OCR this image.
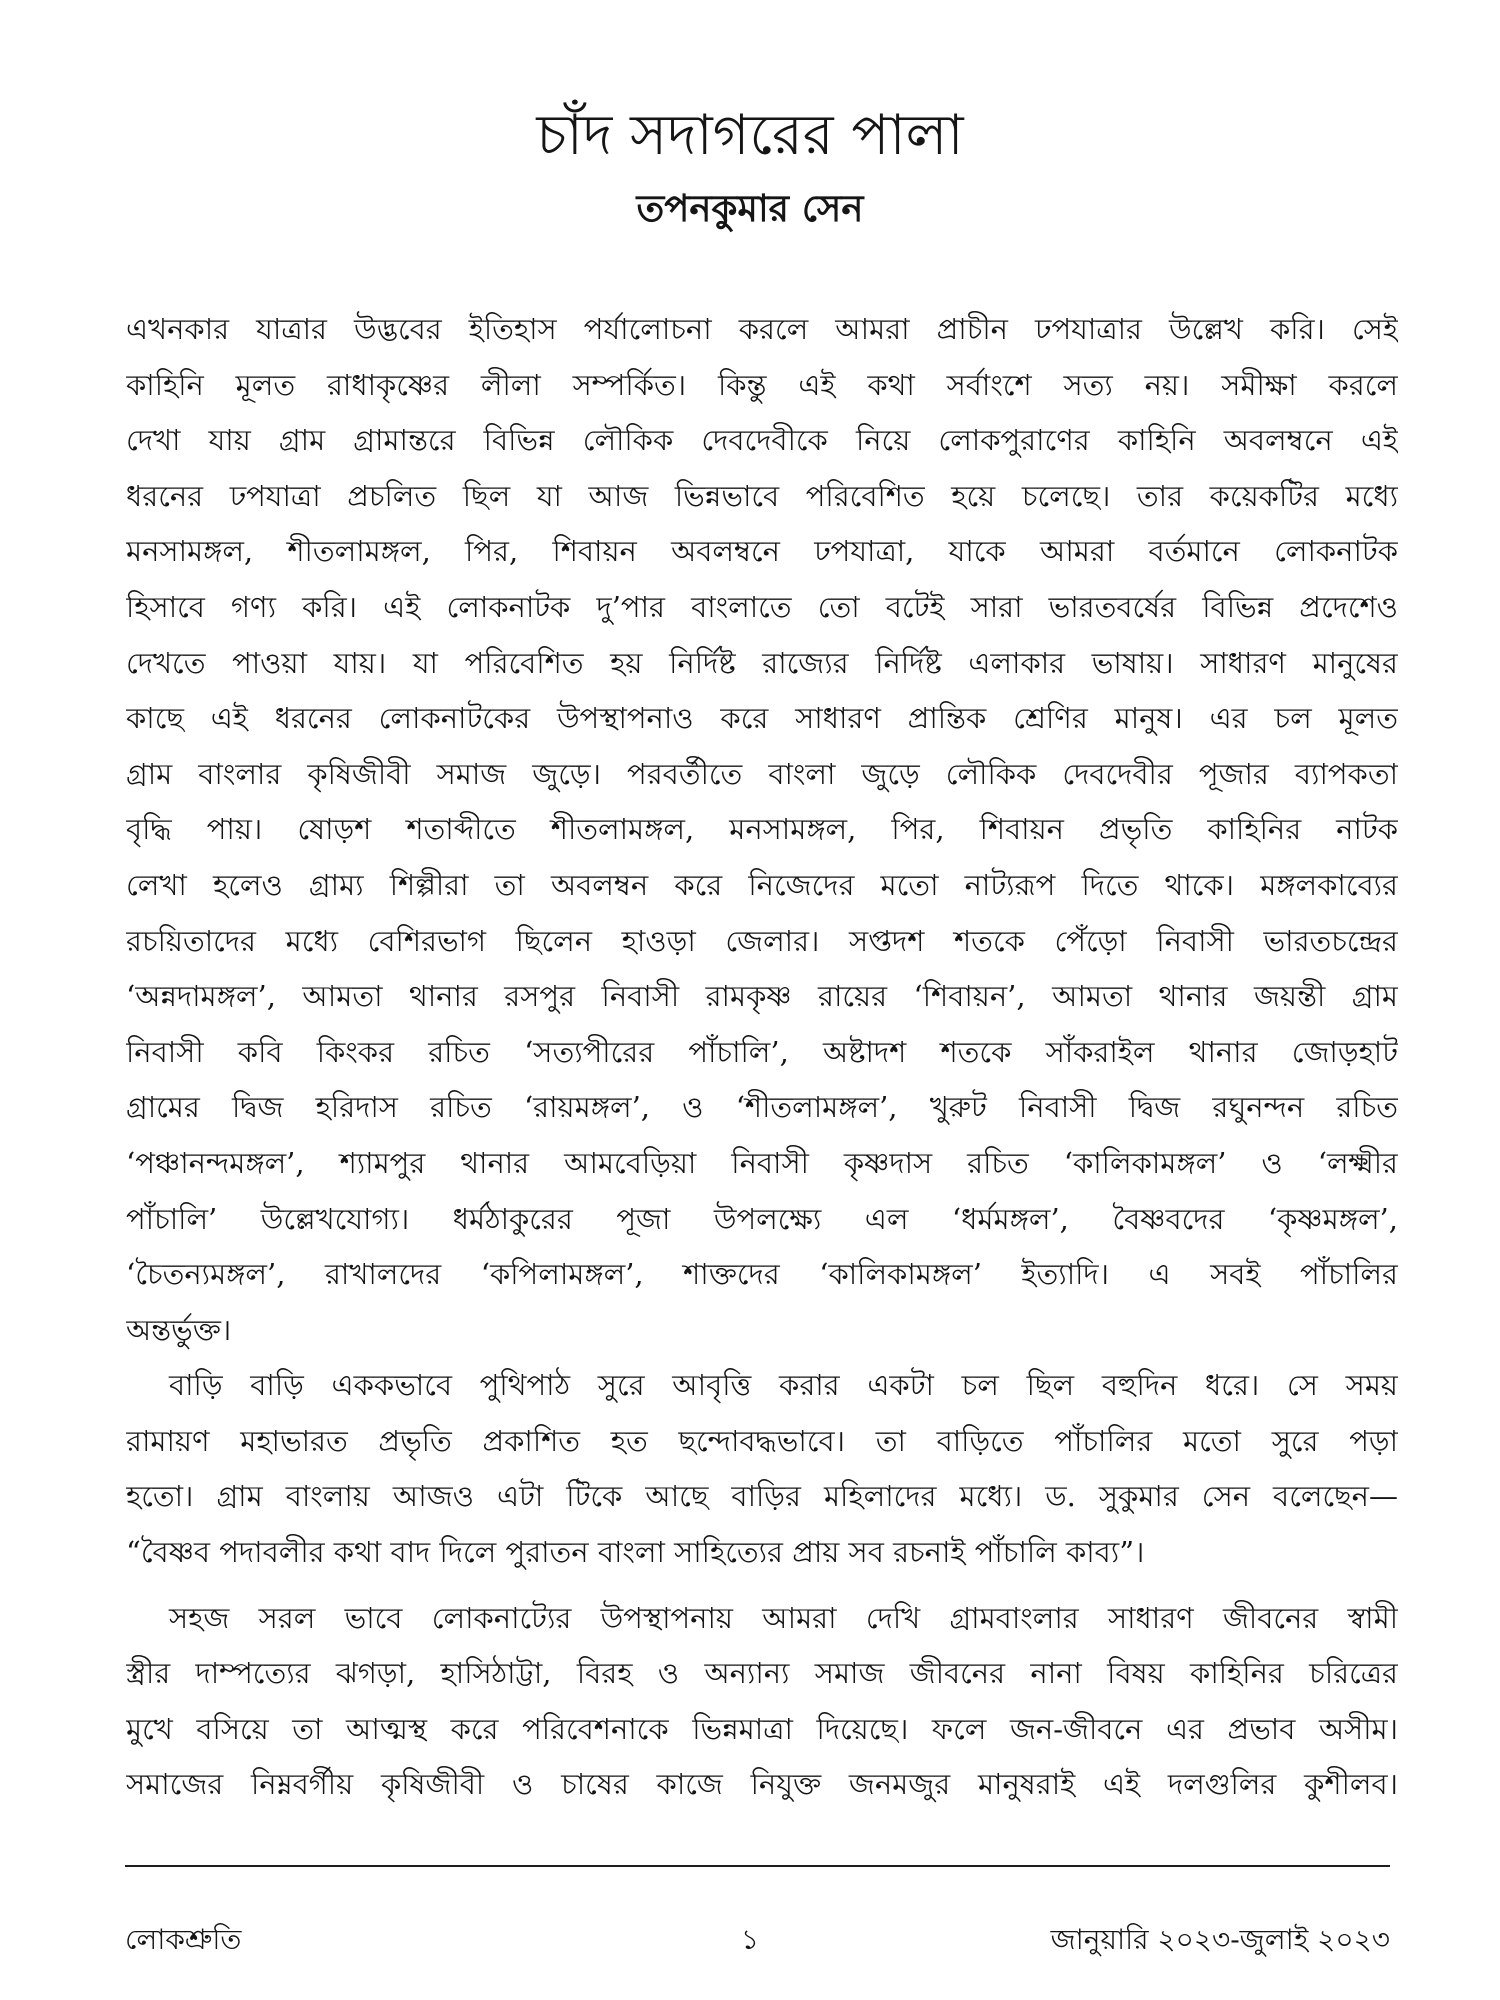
চাঁদ সদাগরের পালা
তপনকুমার সেন
এখনকার যাত্রার উদ্ভবের ইতিহাস পর্যালোচনা করলে আমরা প্রাচীন ঢপযাত্রার উল্লেখ করি। সেই
কাহিনি মূলত রাধাকৃষ্ণের লীলা সম্পর্কিত। কিন্তু এই কথা সর্বাংশে সত্য নয়। সমীক্ষা করলে
দেখা যায় গ্রাম গ্রামান্তরে বিভিন্ন লৌকিক দেবদেবীকে নিয়ে লোকপুরাণের কাহিনি অবলম্বনে এই
ধরনের ঢপযাত্রা প্রচলিত ছিল যা আজ ভিন্নভাবে পরিবেশিত হয়ে চলেছে। তার কয়েকটির মধ্যে
মনসামঙ্গল, শীতলামঙ্গল, পির, শিবায়ন অবলম্বনে ঢপযাত্রা, যাকে আমরা বর্তমানে লোকনাটক
হিসাবে গণ্য করি। এই লোকনাটক দু’পার বাংলাতে তো বটেই সারা ভারতবর্ষের বিভিন্ন প্রদেশেও
দেখতে পাওয়া যায়। যা পরিবেশিত হয় নির্দিষ্ট রাজ্যের নির্দিষ্ট এলাকার ভাষায়। সাধারণ মানুষের
কাছে এই ধরনের লোকনাটকের উপস্থাপনাও করে সাধারণ প্রান্তিক শ্রেণির মানুষ। এর চল মূলত
গ্রাম বাংলার কৃষিজীবী সমাজ জুড়ে। পরবর্তীতে বাংলা জুড়ে লৌকিক দেবদেবীর পূজার ব্যাপকতা
বৃদ্ধি পায়। ষোড়শ শতাব্দীতে শীতলামঙ্গল, মনসামঙ্গল, পির, শিবায়ন প্রভৃতি কাহিনির নাটক
লেখা হলেও গ্রাম্য শিল্পীরা তা অবলম্বন করে নিজেদের মতো নাট্যরূপ দিতে থাকে। মঙ্গলকাব্যের
রচয়িতাদের মধ্যে বেশিরভাগ ছিলেন হাওড়া জেলার। সপ্তদশ শতকে পেঁড়ো নিবাসী ভারতচন্দ্রের
‘অন্নদামঙ্গল’, আমতা থানার রসপুর নিবাসী রামকৃষ্ণ রায়ের ‘শিবায়ন’, আমতা থানার জয়ন্তী গ্রাম
নিবাসী কবি কিংকর রচিত ‘সত্যপীরের পাঁচালি’, অষ্টাদশ শতকে সাঁকরাইল থানার জোড়হাট
গ্রামের দ্বিজ হরিদাস রচিত ‘রায়মঙ্গল’, ও ‘শীতলামঙ্গল’, খুরুট নিবাসী দ্বিজ রঘুনন্দন রচিত
‘পঞ্চানন্দমঙ্গল’, শ্যামপুর থানার আমবেড়িয়া নিবাসী কৃষ্ণদাস রচিত ‘কালিকামঙ্গল’ ও ‘লক্ষ্মীর
পাঁচালি’ উল্লেখযোগ্য। ধর্মঠাকুরের পূজা উপলক্ষ্যে এল ‘ধর্মমঙ্গল’, বৈষ্ণবদের ‘কৃষ্ণমঙ্গল’,
‘চৈতন্যমঙ্গল’, রাখালদের ‘কপিলামঙ্গল’, শাক্তদের ‘কালিকামঙ্গল’ ইত্যাদি। এ সবই পাঁচালির
অন্তর্ভুক্ত।
বাড়ি বাড়ি এককভাবে পুথিপাঠ সুরে আবৃত্তি করার একটা চল ছিল বহুদিন ধরে। সে সময়
রামায়ণ মহাভারত প্রভৃতি প্রকাশিত হত ছন্দোবদ্ধভাবে। তা বাড়িতে পাঁচালির মতো সুরে পড়া
হতো। গ্রাম বাংলায় আজও এটা টিকে আছে বাড়ির মহিলাদের মধ্যে। ড. সুকুমার সেন বলেছেন—
“বৈষ্ণব পদাবলীর কথা বাদ দিলে পুরাতন বাংলা সাহিত্যের প্রায় সব রচনাই পাঁচালি কাব্য”।
সহজ সরল ভাবে লোকনাট্যের উপস্থাপনায় আমরা দেখি গ্রামবাংলার সাধারণ জীবনের স্বামী
স্ত্রীর দাম্পত্যের ঝগড়া, হাসিঠাট্টা, বিরহ ও অন্যান্য সমাজ জীবনের নানা বিষয় কাহিনির চরিত্রের
মুখে বসিয়ে তা আত্মস্থ করে পরিবেশনাকে ভিন্নমাত্রা দিয়েছে। ফলে জন-জীবনে এর প্রভাব অসীম।
সমাজের নিম্নবর্গীয় কৃষিজীবী ও চাষের কাজে নিযুক্ত জনমজুর মানুষরাই এই দলগুলির কুশীলব।
লোকশ্রুতি	১	জানুয়ারি ২০২৩-জুলাই ২০২৩
